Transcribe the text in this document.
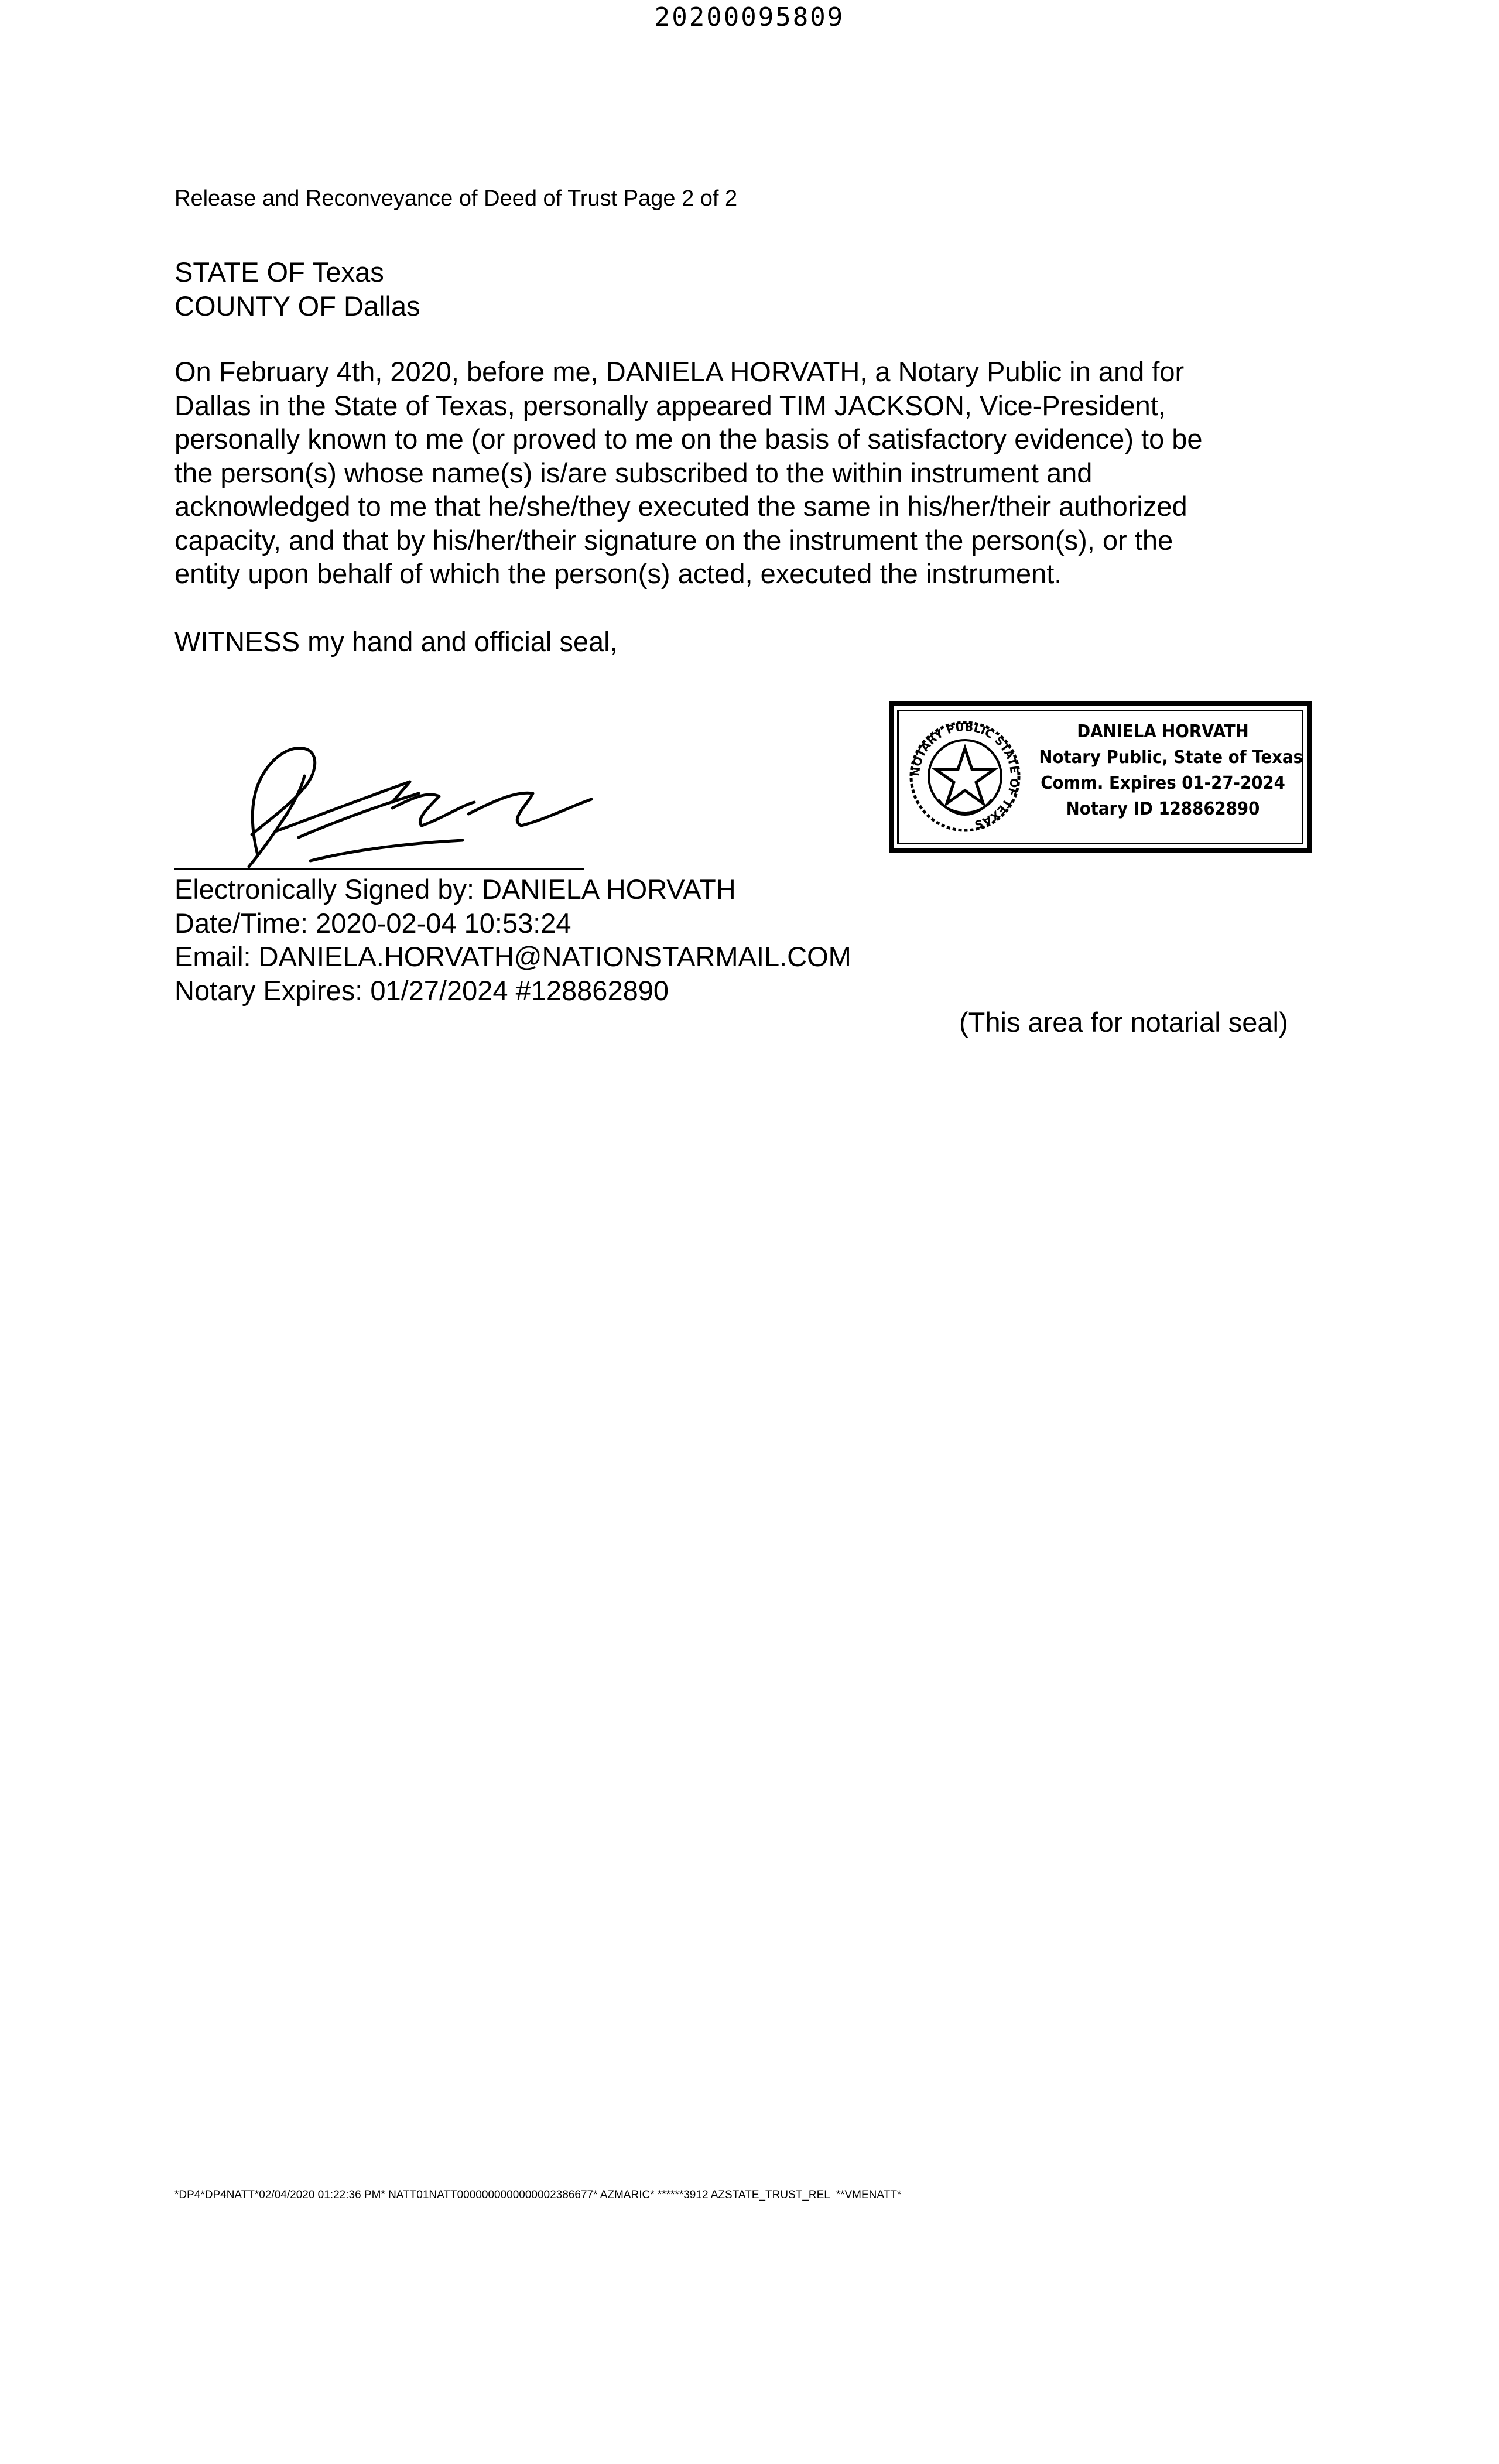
20200095809
Release and Reconveyance of Deed of Trust Page 2 of 2
STATE OF Texas
COUNTY OF Dallas

On February 4th, 2020, before me, DANIELA HORVATH, a Notary Public in and for

Dallas in the State of Texas, personally appeared TIM JACKSON, Vice-President,

personally known to me (or proved to me on the basis of satisfactory evidence) to be

the person(s) whose name(s) is/are subscribed to the within instrument and

acknowledged to me that he/she/they executed the same in his/her/their authorized

capacity, and that by his/her/their signature on the instrument the person(s), or the

entity upon behalf of which the person(s) acted, executed the instrument.

WITNESS my hand and official seal,
Electronically Signed by: DANIELA HORVATH
Date/Time: 2020-02-04 10:53:24
Email: DANIELA.HORVATH@NATIONSTARMAIL.COM
Notary Expires: 01/27/2024 #128862890
NOTARY PUBLIC STATE OF TEXAS
DANIELA HORVATH
Notary Public, State of Texas
Comm. Expires 01-27-2024
Notary ID 128862890
(This area for notarial seal)
*DP4*DP4NATT*02/04/2020 01:22:36 PM* NATT01NATT0000000000000002386677* AZMARIC* ******3912 AZSTATE_TRUST_REL  **VMENATT*
